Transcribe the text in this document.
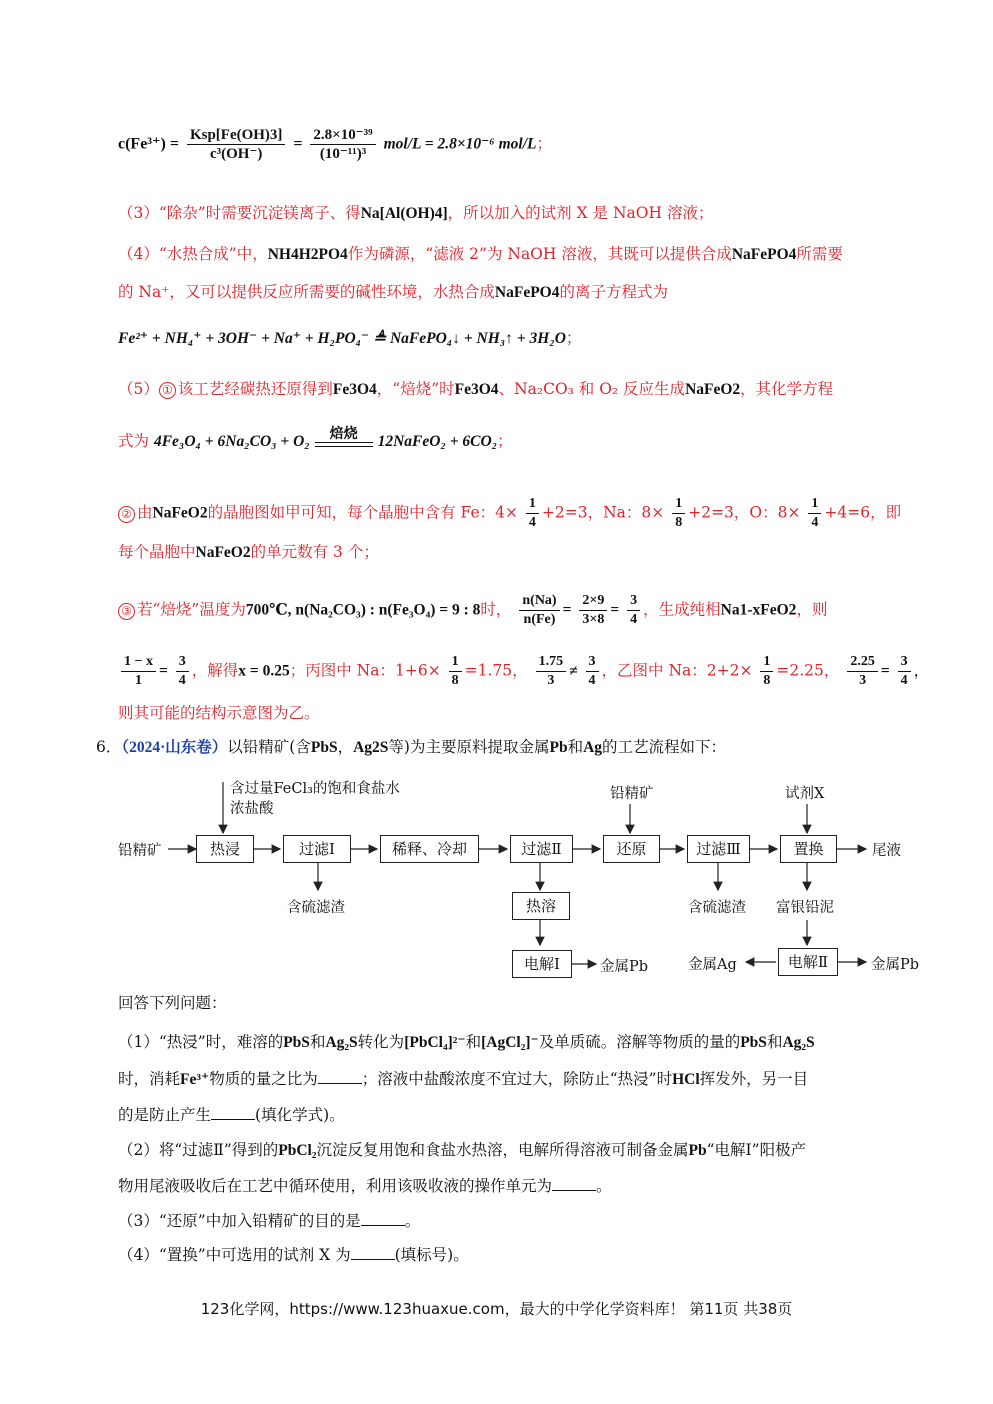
$c(Fe^{3+}) = \frac{\text{Ksp[Fe(OH)3]}}{\text{c³(OH⁻)}} = \frac{\text{2.8×10⁻³⁹}}{\text{(10⁻¹¹)³}} mol/L = 2.8\times 10^{-6}$ mol/L；
（3）“除杂”时需要沉淀镁离子、得Na[Al(OH)4]，所以加入的试剂 X 是 NaOH 溶液；
（4）“水热合成”中，NH4H2PO4作为磷源，“滤液 2”为 NaOH 溶液，其既可以提供合成NaFePO4所需要
的 Na⁺，又可以提供反应所需要的碱性环境，水热合成NaFePO4的离子方程式为
Fe²⁺ + NH₄⁺ + 3OH⁻ + Na⁺ + H₂PO₄⁻ ≜ NaFePO₄↓ + NH₃↑ + 3H₂O；
（5） ① 该工艺经碳热还原得到Fe3O4，“焙烧”时Fe3O4、Na₂CO₃ 和 O₂ 反应生成NaFeO2，其化学方程
式为 4Fe₃O₄ + 6Na₂CO₃ + O₂	焙烧	12NaFeO₂ + 6CO₂；
② 由NaFeO2的晶胞图如甲可知，每个晶胞中含有 Fe：$4\times \frac{1}{4} +2=3$，Na：$8\times \frac{1}{8} +2=3$，O：$8\times \frac{1}{4} +4=6$，即
每个晶胞中NaFeO2的单元数有 3 个；
③ 若“焙烧”温度为700℃, n(Na₂CO₃) : n(Fe₃O₄) = 9 : 8时， $\frac{n(Na)}{n(Fe)} = \frac{2\times 9}{3\times 8} = \frac{3}{4}$ ，生成纯相Na1-xFeO2，则
$\frac{1 - x}{1} = \frac{3}{4}$ ，解得x = 0.25；丙图中 Na：$1+6\times \frac{1}{8} =1.75$， $\frac{1.75}{3} \ne \frac{3}{4}$ ，乙图中 Na：$2+2\times \frac{1}{8} =2.25$， $\frac{2.25}{3} = \frac{3}{4}$ ，
则其可能的结构示意图为乙。
6．（2024·山东卷）以铅精矿(含PbS，Ag2S等)为主要原料提取金属Pb和Ag的工艺流程如下：
含过量FeCl₃的饱和食盐水
浓盐酸
铅精矿	热浸	过滤Ⅰ	稀释、冷却	过滤Ⅱ	还原	过滤Ⅲ	置换	尾液
铅精矿	试剂X
含硫滤渣	热溶	含硫滤渣 富银铅泥
电解Ⅰ	金属Pb	金属Ag	电解Ⅱ	金属Pb
回答下列问题：
（1）“热浸”时，难溶的PbS和Ag₂S转化为[PbCl₄]²⁻和[AgCl₂]⁻及单质硫。溶解等物质的量的PbS和Ag₂S
时，消耗Fe³⁺物质的量之比为	；溶液中盐酸浓度不宜过大，除防止“热浸”时HCl挥发外，另一目
的是防止产生	(填化学式)。
（2）将“过滤Ⅱ”得到的PbCl₂沉淀反复用饱和食盐水热溶，电解所得溶液可制备金属Pb“电解Ⅰ”阳极产
物用尾液吸收后在工艺中循环使用，利用该吸收液的操作单元为	。
（3）“还原”中加入铅精矿的目的是	。
（4）“置换”中可选用的试剂 X 为	(填标号)。
123化学网，https://www.123huaxue.com，最大的中学化学资料库！ 第11页 共38页
